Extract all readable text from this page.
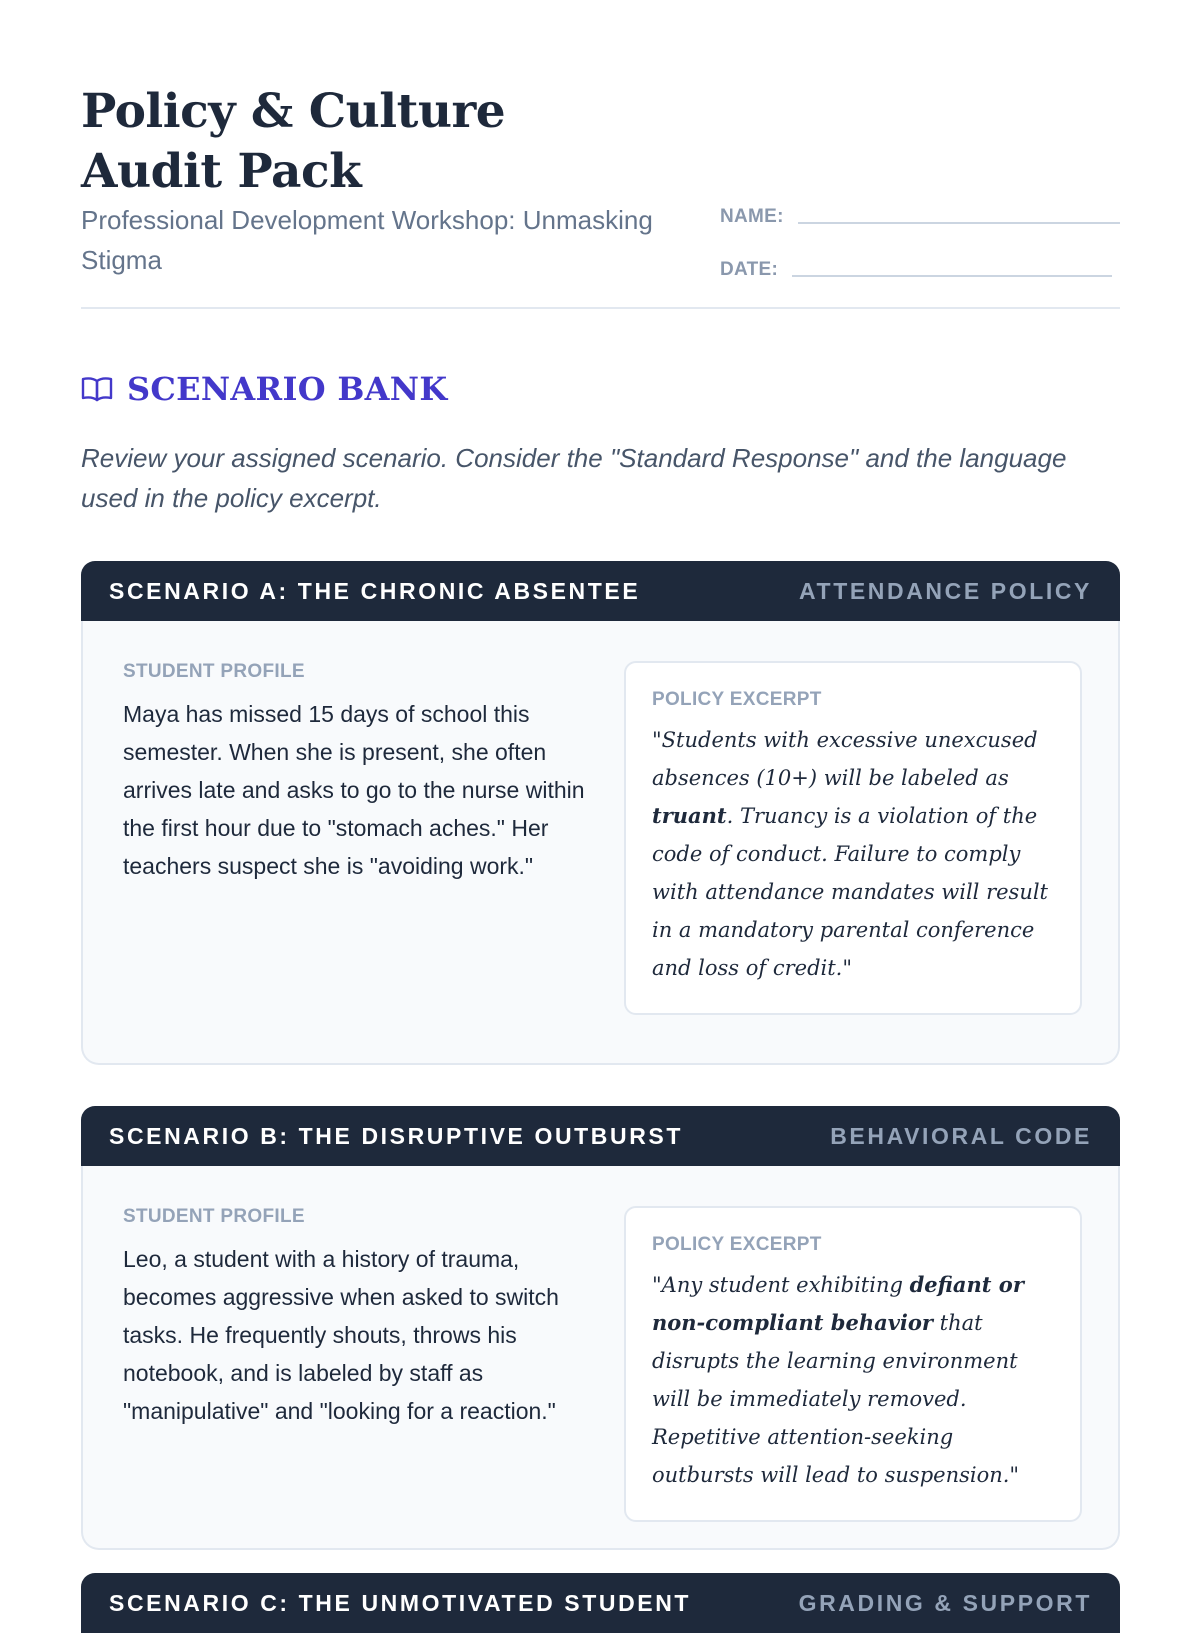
Policy & Culture Audit Pack
Professional Development Workshop: Unmasking Stigma
NAME:
DATE:
SCENARIO BANK

Review your assigned scenario. Consider the "Standard Response" and the language used in the policy excerpt.

SCENARIO A: THE CHRONIC ABSENTEE	ATTENDANCE POLICY
STUDENT PROFILE

Maya has missed 15 days of school this semester. When she is present, she often arrives late and asks to go to the nurse within the first hour due to "stomach aches." Her teachers suspect she is "avoiding work."

POLICY EXCERPT

"Students with excessive unexcused absences (10+) will be labeled as truant. Truancy is a violation of the code of conduct. Failure to comply with attendance mandates will result in a mandatory parental conference and loss of credit."

SCENARIO B: THE DISRUPTIVE OUTBURST	BEHAVIORAL CODE
STUDENT PROFILE

Leo, a student with a history of trauma, becomes aggressive when asked to switch tasks. He frequently shouts, throws his notebook, and is labeled by staff as "manipulative" and "looking for a reaction."

POLICY EXCERPT

"Any student exhibiting defiant or non-compliant behavior that disrupts the learning environment will be immediately removed. Repetitive attention-seeking outbursts will lead to suspension."

SCENARIO C: THE UNMOTIVATED STUDENT	GRADING & SUPPORT
